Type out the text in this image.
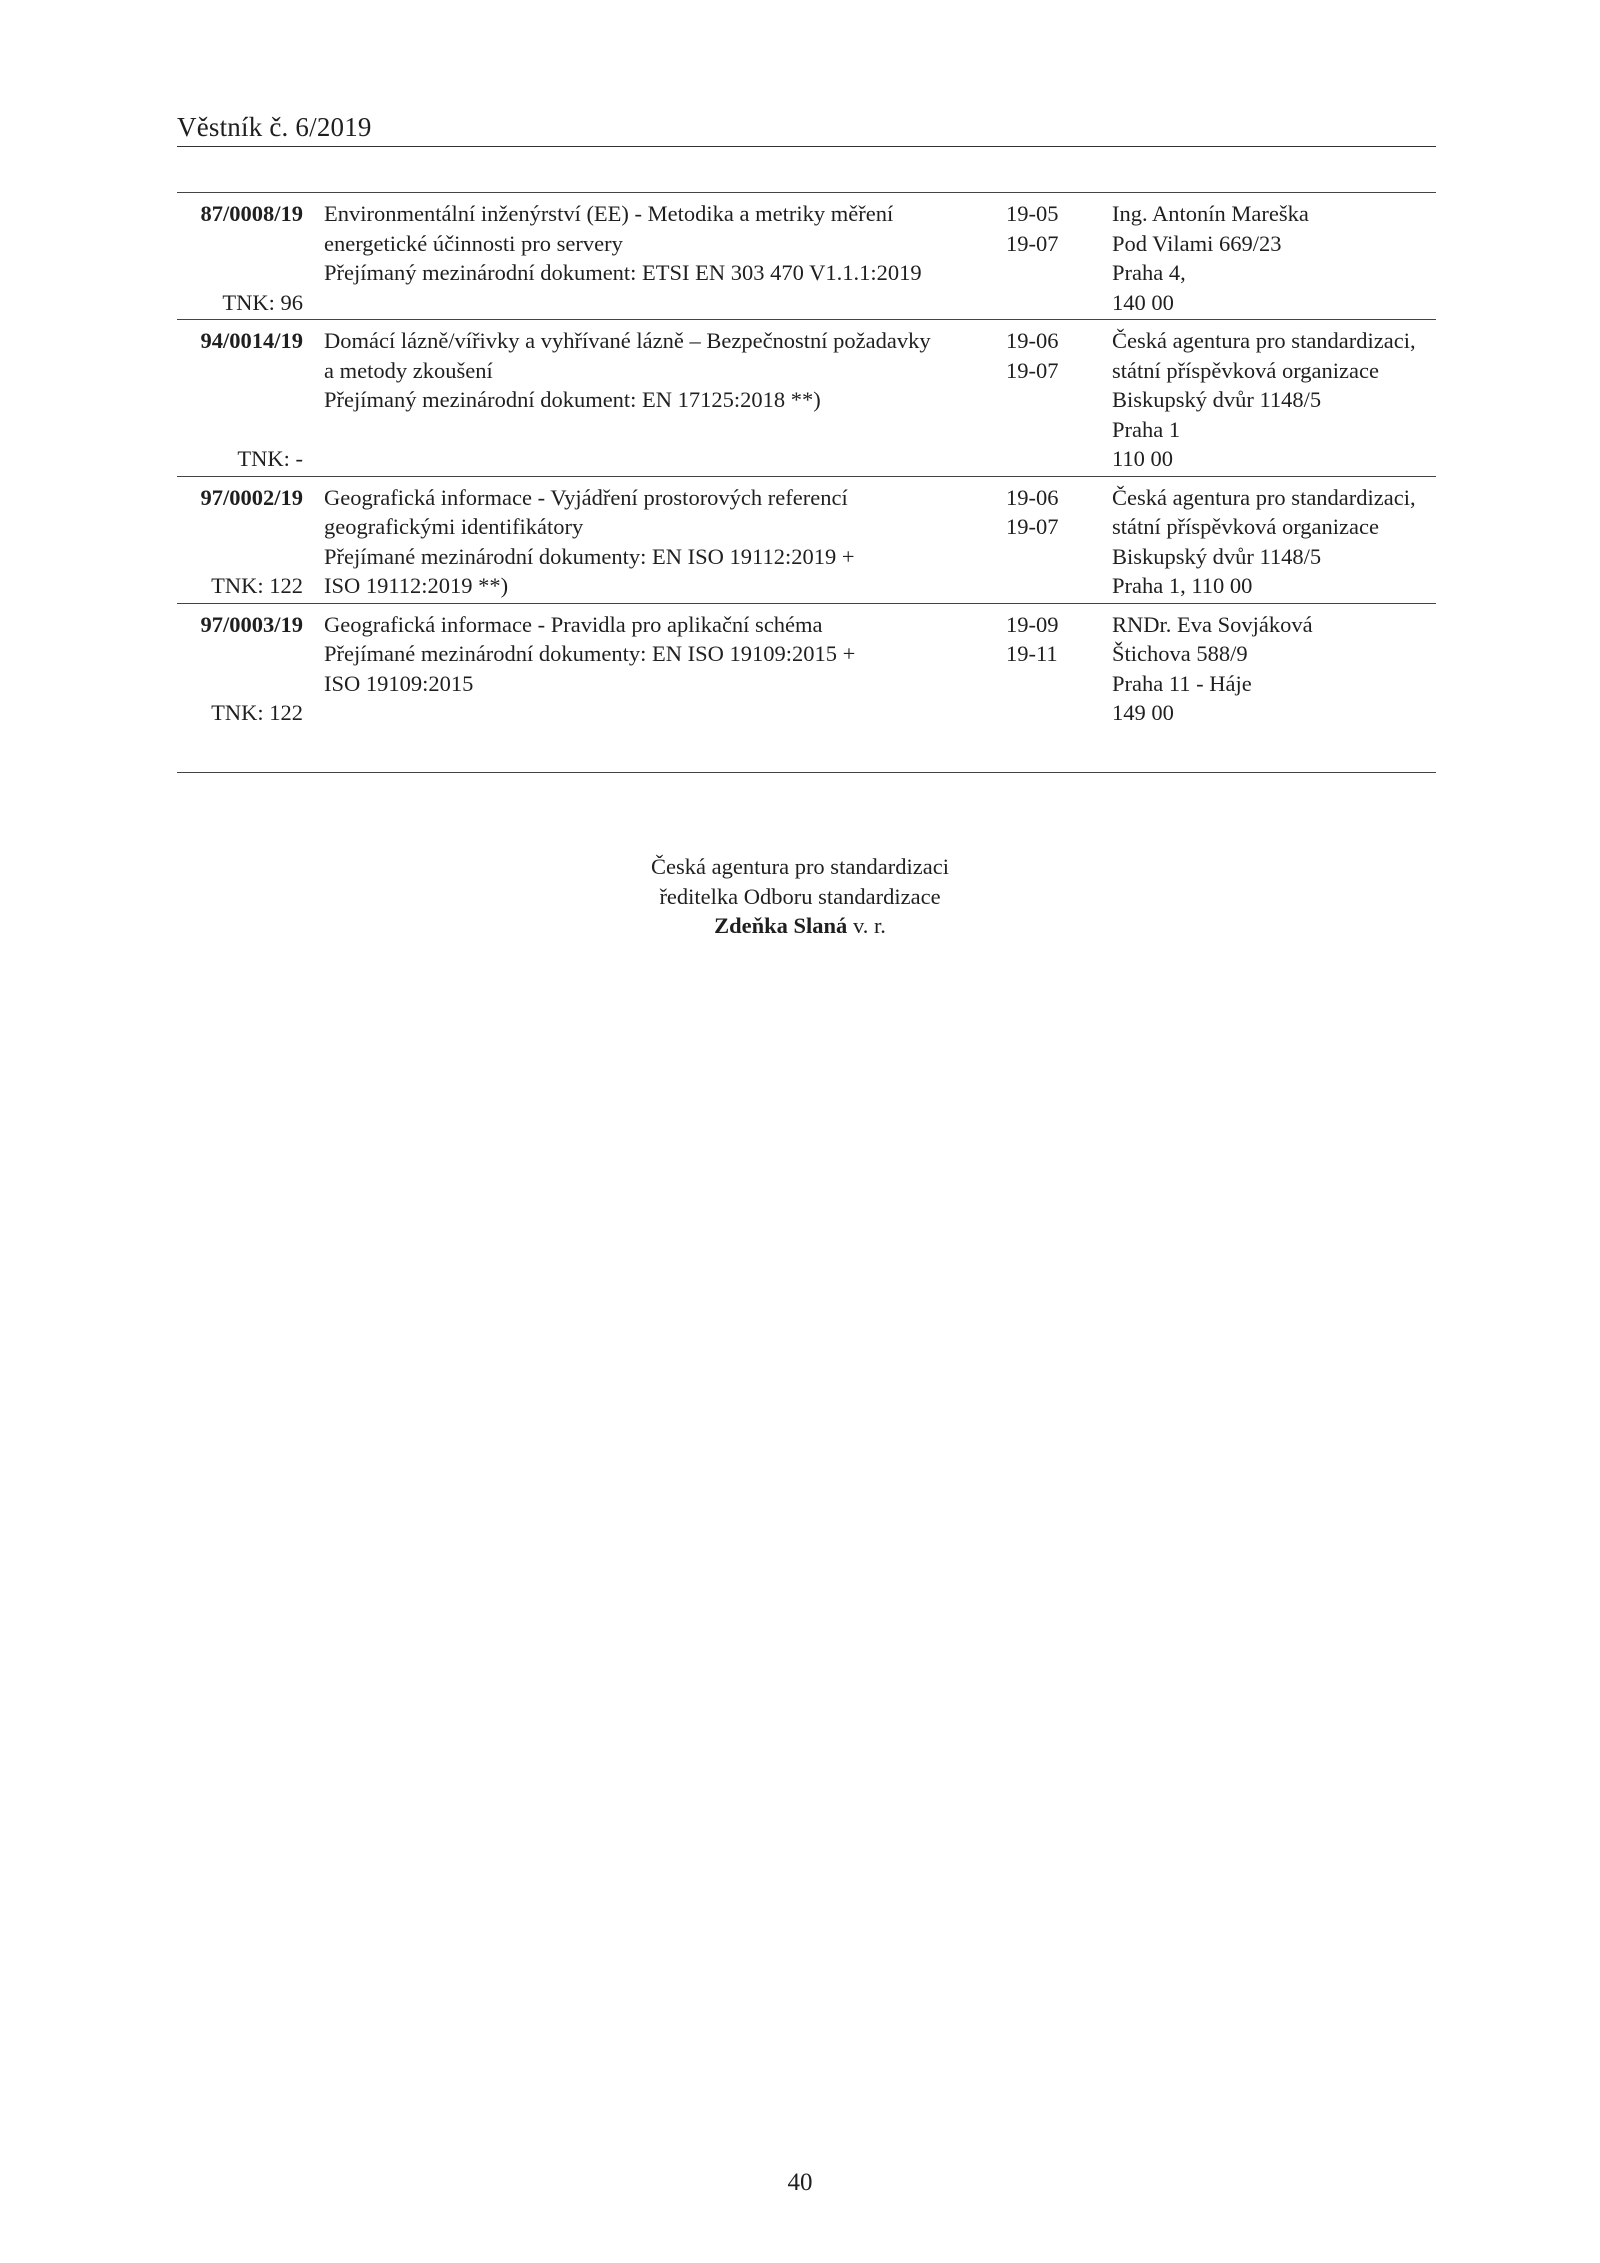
Věstník č. 6/2019
87/0008/19
TNK: 96
Environmentální inženýrství (EE) - Metodika a metriky měření
energetické účinnosti pro servery
Přejímaný mezinárodní dokument: ETSI EN 303 470 V1.1.1:2019
19-05
19-07
Ing. Antonín Mareška
Pod Vilami 669/23
Praha 4,
140 00
94/0014/19
TNK: -
Domácí lázně/vířivky a vyhřívané lázně – Bezpečnostní požadavky
a metody zkoušení
Přejímaný mezinárodní dokument: EN 17125:2018 **)
19-06
19-07
Česká agentura pro standardizaci,
státní příspěvková organizace
Biskupský dvůr 1148/5
Praha 1
110 00
97/0002/19
TNK: 122
Geografická informace - Vyjádření prostorových referencí
geografickými identifikátory
Přejímané mezinárodní dokumenty: EN ISO 19112:2019 +
ISO 19112:2019 **)
19-06
19-07
Česká agentura pro standardizaci,
státní příspěvková organizace
Biskupský dvůr 1148/5
Praha 1, 110 00
97/0003/19
TNK: 122
Geografická informace - Pravidla pro aplikační schéma
Přejímané mezinárodní dokumenty: EN ISO 19109:2015 +
ISO 19109:2015
19-09
19-11
RNDr. Eva Sovjáková
Štichova 588/9
Praha 11 - Háje
149 00
Česká agentura pro standardizaci
ředitelka Odboru standardizace
Zdeňka Slaná v. r.
40
